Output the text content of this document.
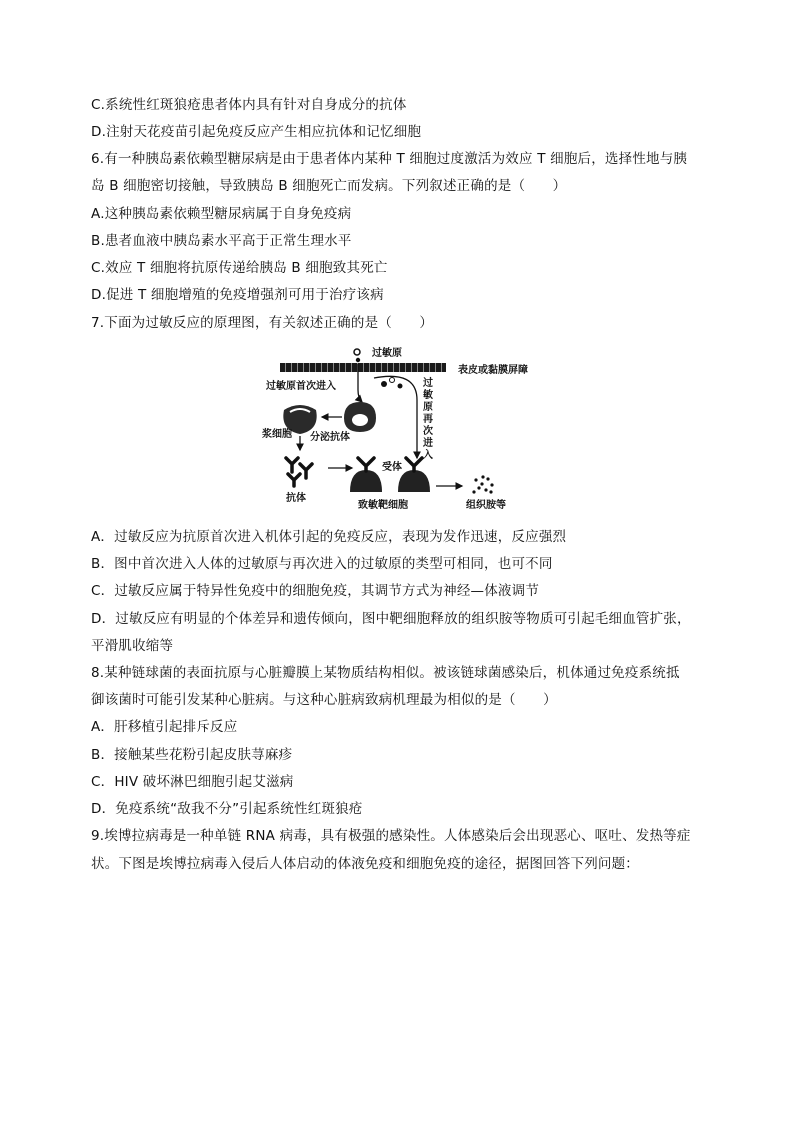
C.系统性红斑狼疮患者体内具有针对自身成分的抗体
D.注射天花疫苗引起免疫反应产生相应抗体和记忆细胞
6.有一种胰岛素依赖型糖尿病是由于患者体内某种 T 细胞过度激活为效应 T 细胞后，选择性地与胰
岛 B 细胞密切接触，导致胰岛 B 细胞死亡而发病。下列叙述正确的是（　　）
A.这种胰岛素依赖型糖尿病属于自身免疫病
B.患者血液中胰岛素水平高于正常生理水平
C.效应 T 细胞将抗原传递给胰岛 B 细胞致其死亡
D.促进 T 细胞增殖的免疫增强剂可用于治疗该病
7.下面为过敏反应的原理图，有关叙述正确的是（　　）
过敏原
表皮或黏膜屏障
过敏原首次进入	过
敏
原
再
次
进
入
浆细胞 分泌抗体
抗体
受体
致敏靶细胞	组织胺等
A．过敏反应为抗原首次进入机体引起的免疫反应，表现为发作迅速，反应强烈
B．图中首次进入人体的过敏原与再次进入的过敏原的类型可相同，也可不同
C．过敏反应属于特异性免疫中的细胞免疫，其调节方式为神经—体液调节
D．过敏反应有明显的个体差异和遗传倾向，图中靶细胞释放的组织胺等物质可引起毛细血管扩张，
平滑肌收缩等
8.某种链球菌的表面抗原与心脏瓣膜上某物质结构相似。被该链球菌感染后，机体通过免疫系统抵
御该菌时可能引发某种心脏病。与这种心脏病致病机理最为相似的是（　　）
A．肝移植引起排斥反应
B．接触某些花粉引起皮肤荨麻疹
C．HIV 破坏淋巴细胞引起艾滋病
D．免疫系统“敌我不分”引起系统性红斑狼疮
9.埃博拉病毒是一种单链 RNA 病毒，具有极强的感染性。人体感染后会出现恶心、呕吐、发热等症
状。下图是埃博拉病毒入侵后人体启动的体液免疫和细胞免疫的途径，据图回答下列问题：
